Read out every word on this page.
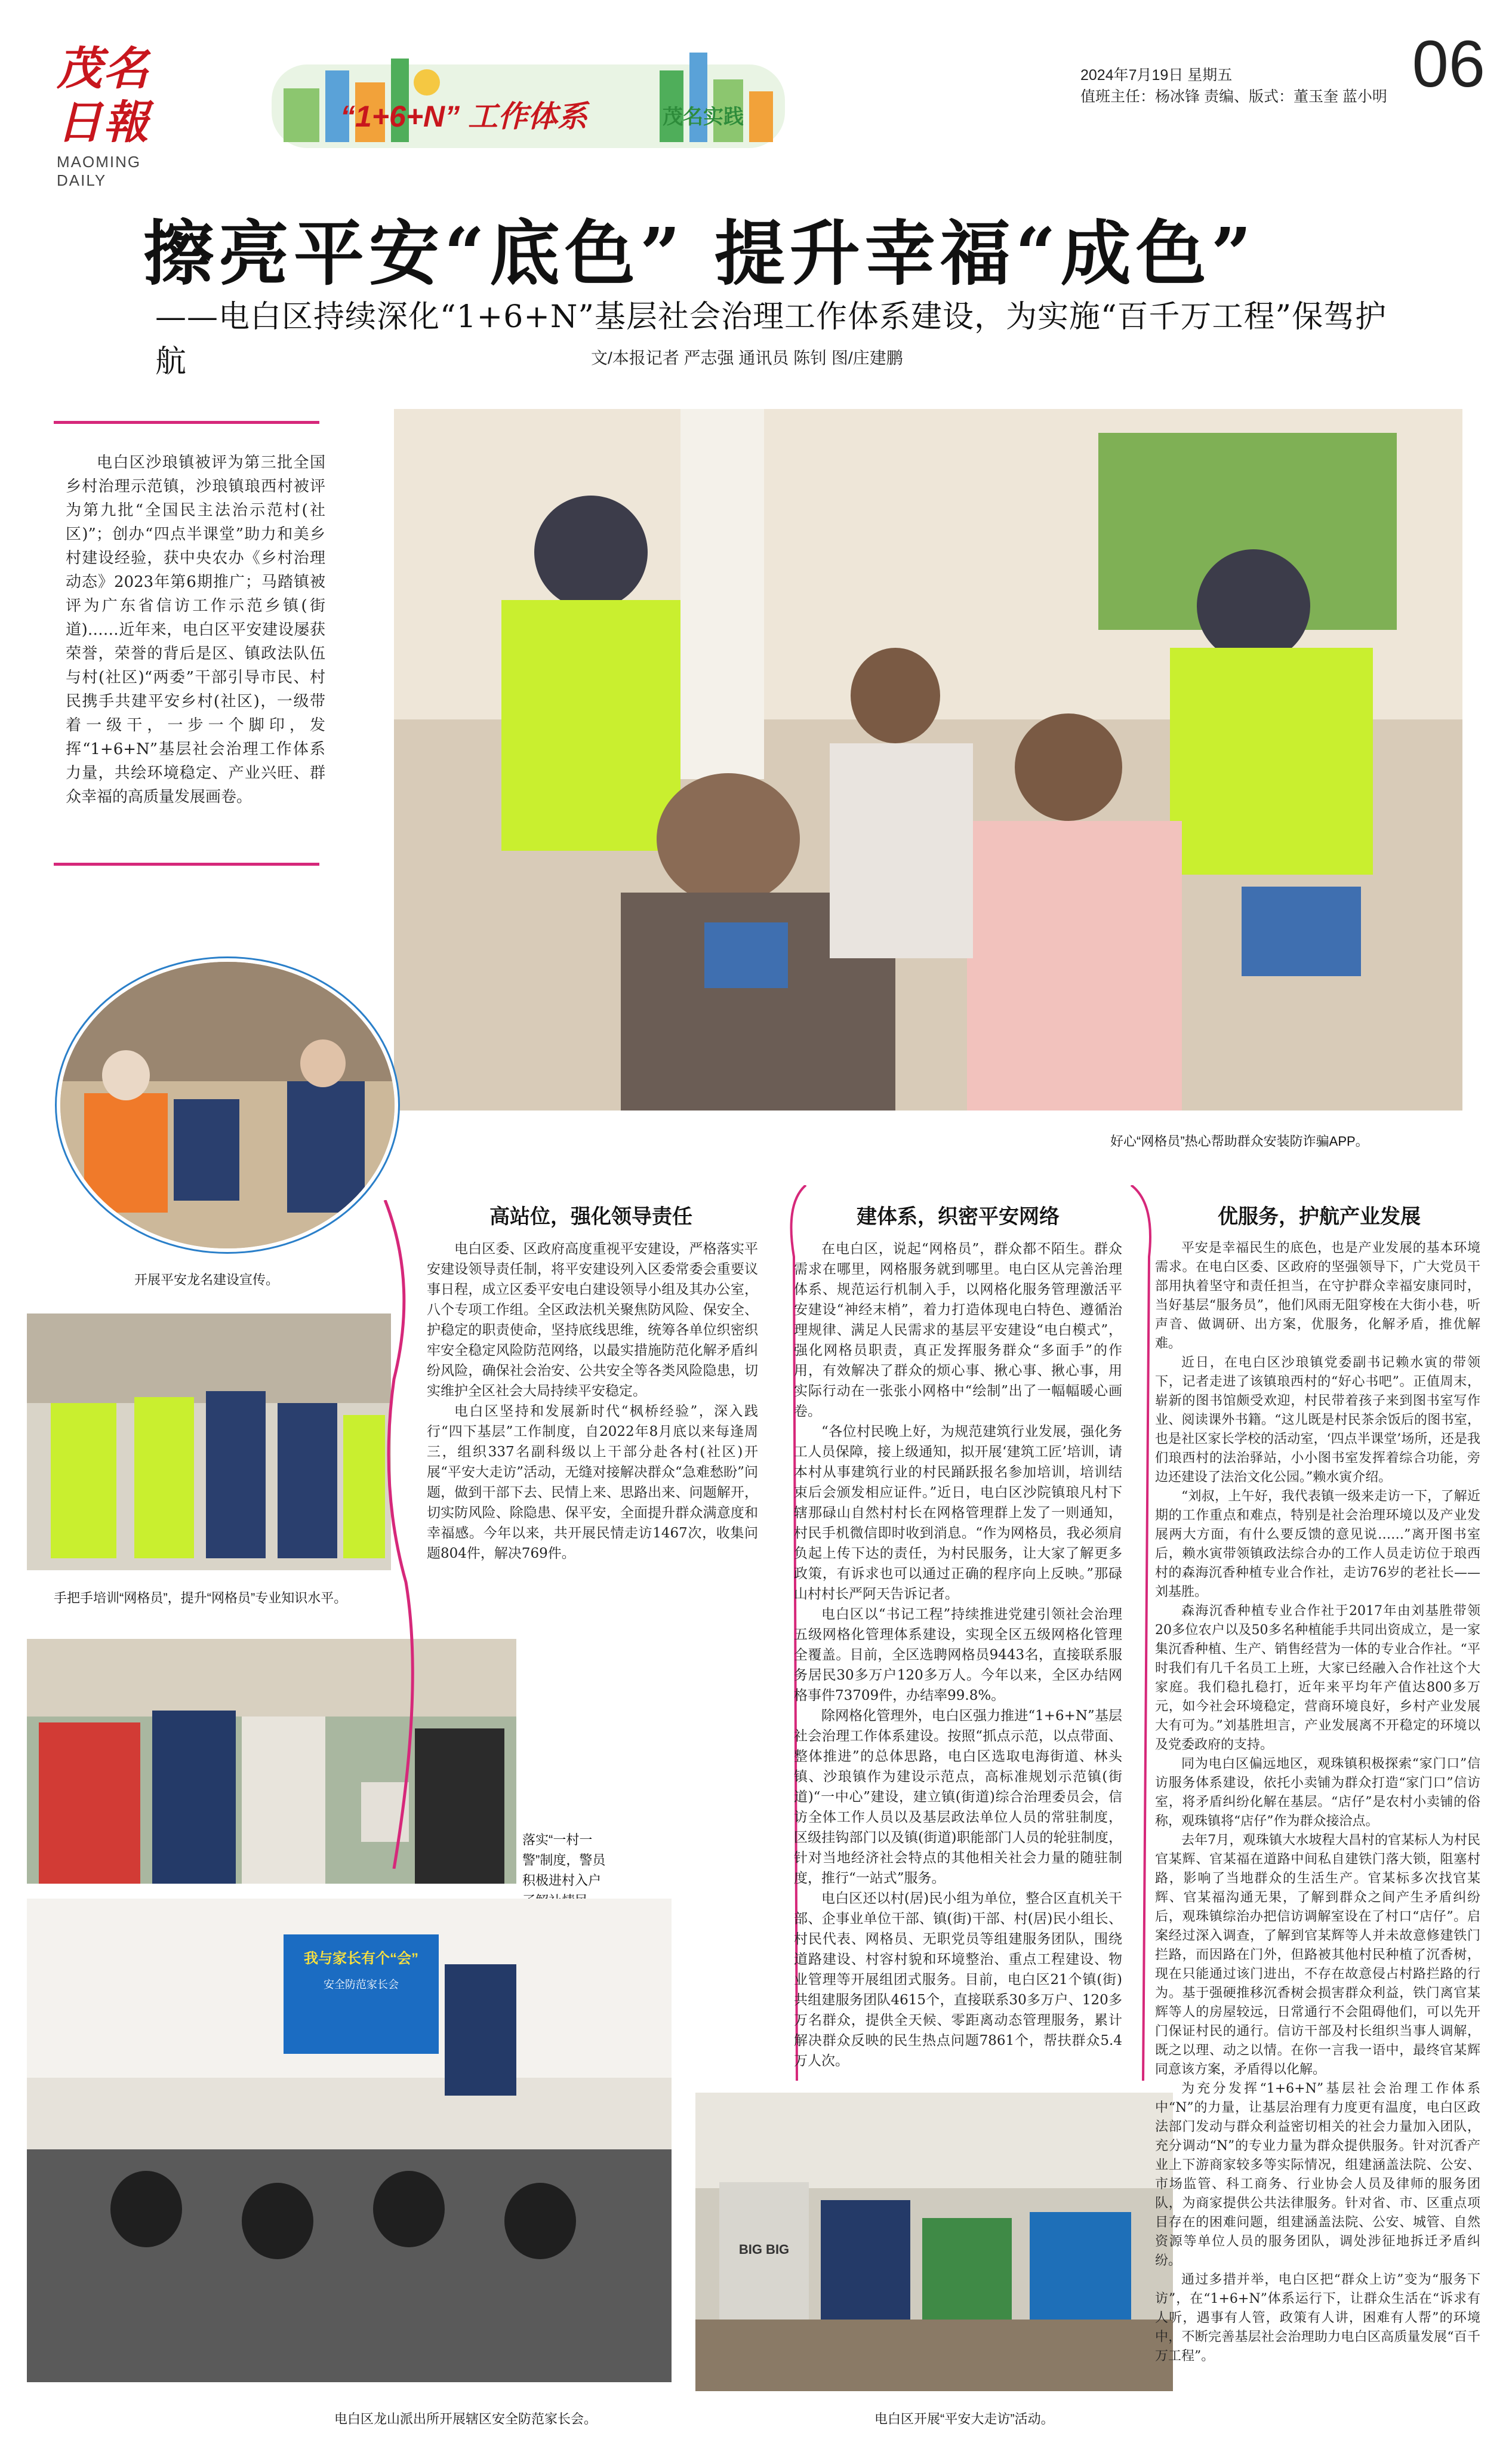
茂名日報
MAOMING DAILY
“1+6+N” 工作体系	茂名实践
2024年7月19日 星期五
值班主任：杨冰锋 责编、版式：董玉奎 蓝小明 06
擦亮平安“底色” 提升幸福“成色”
——电白区持续深化“1+6+N”基层社会治理工作体系建设，为实施“百千万工程”保驾护航	文/本报记者 严志强 通讯员 陈钊 图/庄建鹏
电白区沙琅镇被评为第三批全国乡村治理示范镇，沙琅镇琅西村被评为第九批“全国民主法治示范村(社区)”；创办“四点半课堂”助力和美乡村建设经验，获中央农办《乡村治理动态》2023年第6期推广；马踏镇被评为广东省信访工作示范乡镇(街道)……近年来，电白区平安建设屡获荣誉，荣誉的背后是区、镇政法队伍与村(社区)“两委”干部引导市民、村民携手共建平安乡村(社区)，一级带着一级干，一步一个脚印，发挥“1+6+N”基层社会治理工作体系力量，共绘环境稳定、产业兴旺、群众幸福的高质量发展画卷。
好心“网格员”热心帮助群众安装防诈骗APP。
开展平安龙名建设宣传。
手把手培训“网格员”，提升“网格员”专业知识水平。
落实“一村一警”制度，警员积极进村入户
我与家长有个“会”
安全防范家长会
电白区龙山派出所开展辖区安全防范家长会。
BIG BIG
电白区开展“平安大走访”活动。
高站位，强化领导责任

电白区委、区政府高度重视平安建设，严格落实平安建设领导责任制，将平安建设列入区委常委会重要议事日程，成立区委平安电白建设领导小组及其办公室，八个专项工作组。全区政法机关聚焦防风险、保安全、护稳定的职责使命，坚持底线思维，统筹各单位织密织牢安全稳定风险防范网络，以最实措施防范化解矛盾纠纷风险，确保社会治安、公共安全等各类风险隐患，切实维护全区社会大局持续平安稳定。

电白区坚持和发展新时代“枫桥经验”，深入践行“四下基层”工作制度，自2022年8月底以来每逢周三，组织337名副科级以上干部分赴各村(社区)开展“平安大走访”活动，无缝对接解决群众“急难愁盼”问题，做到干部下去、民情上来、思路出来、问题解开，切实防风险、除隐患、保平安，全面提升群众满意度和幸福感。今年以来，共开展民情走访1467次，收集问题804件，解决769件。

建体系，织密平安网络

在电白区，说起“网格员”，群众都不陌生。群众需求在哪里，网格服务就到哪里。电白区从完善治理体系、规范运行机制入手，以网格化服务管理激活平安建设“神经末梢”，着力打造体现电白特色、遵循治理规律、满足人民需求的基层平安建设“电白模式”，强化网格员职责，真正发挥服务群众“多面手”的作用，有效解决了群众的烦心事、揪心事、揪心事，用实际行动在一张张小网格中“绘制”出了一幅幅暖心画卷。

“各位村民晚上好，为规范建筑行业发展，强化务工人员保障，接上级通知，拟开展‘建筑工匠’培训，请本村从事建筑行业的村民踊跃报名参加培训，培训结束后会颁发相应证件。”近日，电白区沙院镇琅凡村下辖那碌山自然村村长在网格管理群上发了一则通知，村民手机微信即时收到消息。“作为网格员，我必须肩负起上传下达的责任，为村民服务，让大家了解更多政策，有诉求也可以通过正确的程序向上反映。”那碌山村村长严阿天告诉记者。

电白区以“书记工程”持续推进党建引领社会治理五级网格化管理体系建设，实现全区五级网格化管理全覆盖。目前，全区选聘网格员9443名，直接联系服务居民30多万户120多万人。今年以来，全区办结网格事件73709件，办结率99.8%。

除网格化管理外，电白区强力推进“1+6+N”基层社会治理工作体系建设。按照“抓点示范，以点带面、整体推进”的总体思路，电白区选取电海街道、林头镇、沙琅镇作为建设示范点，高标准规划示范镇(街道)“一中心”建设，建立镇(街道)综合治理委员会，信访全体工作人员以及基层政法单位人员的常驻制度，区级挂钩部门以及镇(街道)职能部门人员的轮驻制度，针对当地经济社会特点的其他相关社会力量的随驻制度，推行“一站式”服务。

电白区还以村(居)民小组为单位，整合区直机关干部、企事业单位干部、镇(街)干部、村(居)民小组长、村民代表、网格员、无职党员等组建服务团队，围绕道路建设、村容村貌和环境整治、重点工程建设、物业管理等开展组团式服务。目前，电白区21个镇(街)共组建服务团队4615个，直接联系30多万户、120多万名群众，提供全天候、零距离动态管理服务，累计解决群众反映的民生热点问题7861个，帮扶群众5.4万人次。

优服务，护航产业发展

平安是幸福民生的底色，也是产业发展的基本环境需求。在电白区委、区政府的坚强领导下，广大党员干部用执着坚守和责任担当，在守护群众幸福安康同时，当好基层“服务员”，他们风雨无阻穿梭在大街小巷，听声音、做调研、出方案，优服务，化解矛盾，推优解难。

近日，在电白区沙琅镇党委副书记赖水寅的带领下，记者走进了该镇琅西村的“好心书吧”。正值周末，崭新的图书馆颇受欢迎，村民带着孩子来到图书室写作业、阅读课外书籍。“这儿既是村民茶余饭后的图书室，也是社区家长学校的活动室，‘四点半课堂’场所，还是我们琅西村的法治驿站，小小图书室发挥着综合功能，旁边还建设了法治文化公园。”赖水寅介绍。

“刘叔，上午好，我代表镇一级来走访一下，了解近期的工作重点和难点，特别是社会治理环境以及产业发展两大方面，有什么要反馈的意见说……”离开图书室后，赖水寅带领镇政法综合办的工作人员走访位于琅西村的森海沉香种植专业合作社，走访76岁的老社长——刘基胜。

森海沉香种植专业合作社于2017年由刘基胜带领20多位农户以及50多名种植能手共同出资成立，是一家集沉香种植、生产、销售经营为一体的专业合作社。“平时我们有几千名员工上班，大家已经融入合作社这个大家庭。我们稳扎稳打，近年来平均年产值达800多万元，如今社会环境稳定，营商环境良好，乡村产业发展大有可为。”刘基胜坦言，产业发展离不开稳定的环境以及党委政府的支持。

同为电白区偏远地区，观珠镇积极探索“家门口”信访服务体系建设，依托小卖铺为群众打造“家门口”信访室，将矛盾纠纷化解在基层。“店仔”是农村小卖铺的俗称，观珠镇将“店仔”作为群众接洽点。

去年7月，观珠镇大水坡程大昌村的官某标人为村民官某辉、官某福在道路中间私自建铁门落大锁，阻塞村路，影响了当地群众的生活生产。官某标多次找官某辉、官某福沟通无果，了解到群众之间产生矛盾纠纷后，观珠镇综治办把信访调解室设在了村口“店仔”。启案经过深入调查，了解到官某辉等人并未故意修建铁门拦路，而因路在门外，但路被其他村民种植了沉香树，现在只能通过该门进出，不存在故意侵占村路拦路的行为。基于强硬推移沉香树会损害群众利益，铁门离官某辉等人的房屋较远，日常通行不会阻碍他们，可以先开门保证村民的通行。信访干部及村长组织当事人调解，既之以理、动之以情。在你一言我一语中，最终官某辉同意该方案，矛盾得以化解。

为充分发挥“1+6+N”基层社会治理工作体系中“N”的力量，让基层治理有力度更有温度，电白区政法部门发动与群众利益密切相关的社会力量加入团队，充分调动“N”的专业力量为群众提供服务。针对沉香产业上下游商家较多等实际情况，组建涵盖法院、公安、市场监管、科工商务、行业协会人员及律师的服务团队，为商家提供公共法律服务。针对省、市、区重点项目存在的困难问题，组建涵盖法院、公安、城管、自然资源等单位人员的服务团队，调处涉征地拆迁矛盾纠纷。

通过多措并举，电白区把“群众上访”变为“服务下访”，在“1+6+N”体系运行下，让群众生活在“诉求有人听，遇事有人管，政策有人讲，困难有人帮”的环境中，不断完善基层社会治理助力电白区高质量发展“百千万工程”。
